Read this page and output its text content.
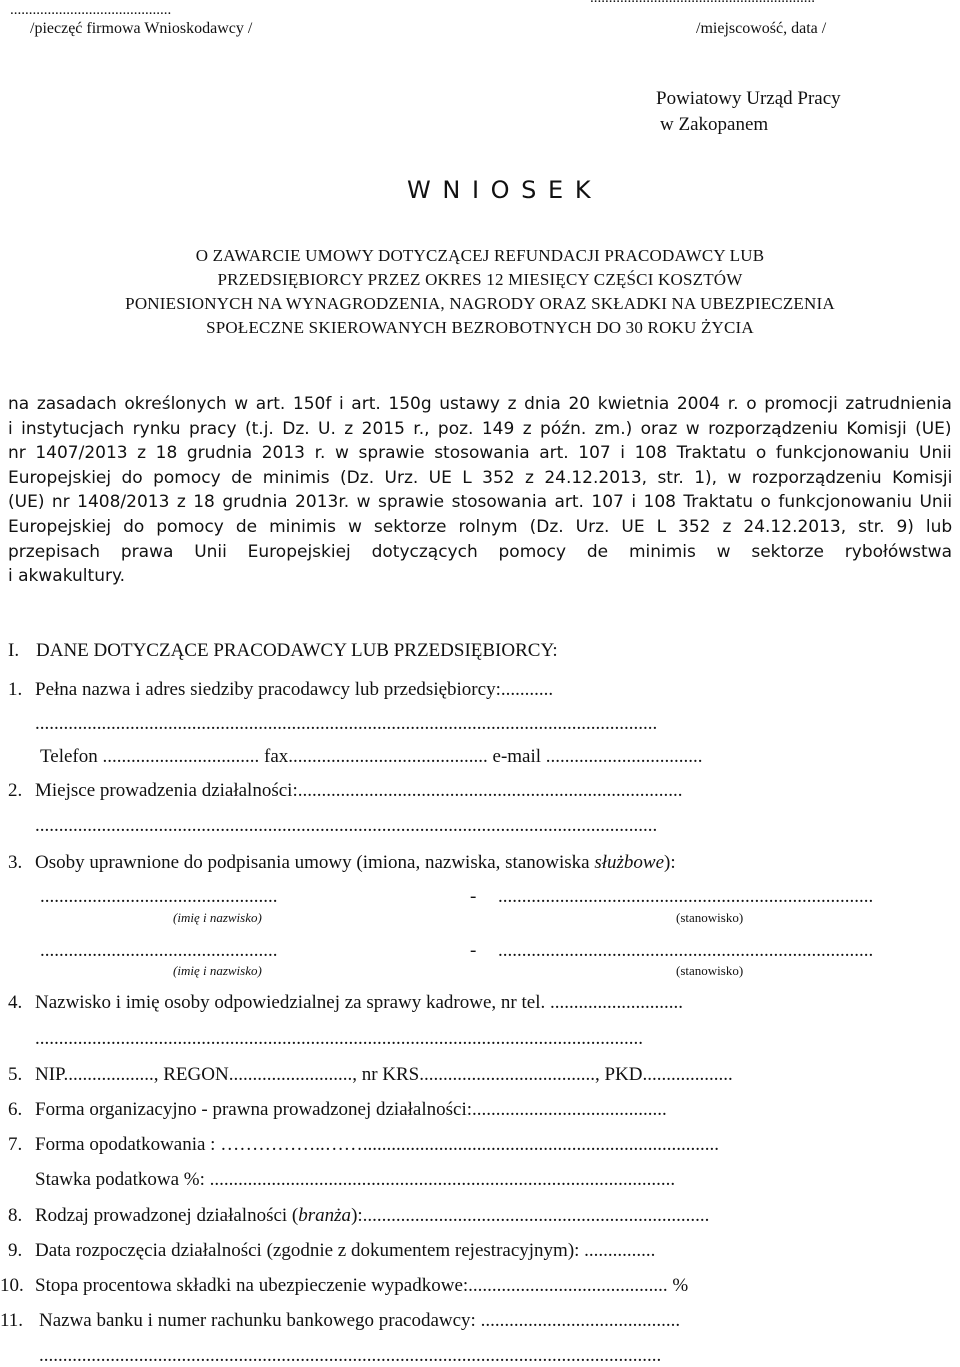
...........................................
/pieczęć firmowa Wnioskodawcy /	/miejscowość, data /
Powiatowy Urząd Pracy
w Zakopanem
W N I O S E K
O ZAWARCIE UMOWY DOTYCZĄCEJ REFUNDACJI PRACODAWCY LUB
PRZEDSIĘBIORCY PRZEZ OKRES 12 MIESIĘCY CZĘŚCI KOSZTÓW
PONIESIONYCH NA WYNAGRODZENIA, NAGRODY ORAZ SKŁADKI NA UBEZPIECZENIA
SPOŁECZNE SKIEROWANYCH BEZROBOTNYCH DO 30 ROKU ŻYCIA
na zasadach określonych w art. 150f i art. 150g ustawy z dnia 20 kwietnia 2004 r. o promocji zatrudnienia
i instytucjach rynku pracy (t.j. Dz. U. z 2015 r., poz. 149 z późn. zm.) oraz w rozporządzeniu Komisji (UE)
nr 1407/2013 z 18 grudnia 2013 r. w sprawie stosowania art. 107 i 108 Traktatu o funkcjonowaniu Unii
Europejskiej do pomocy de minimis (Dz. Urz. UE L 352 z 24.12.2013, str. 1), w rozporządzeniu Komisji
(UE) nr 1408/2013 z 18 grudnia 2013r. w sprawie stosowania art. 107 i 108 Traktatu o funkcjonowaniu Unii
Europejskiej do pomocy de minimis w sektorze rolnym (Dz. Urz. UE L 352 z 24.12.2013, str. 9) lub
przepisach prawa Unii Europejskiej dotyczących pomocy de minimis w sektorze rybołówstwa
i akwakultury.
I. DANE DOTYCZĄCE PRACODAWCY LUB PRZEDSIĘBIORCY:
1. Pełna nazwa i adres siedziby pracodawcy lub przedsiębiorcy:...........
...................................................................................................................................
Telefon ................................. fax.......................................... e-mail .................................
2. Miejsce prowadzenia działalności:.................................................................................
...................................................................................................................................
3. Osoby uprawnione do podpisania umowy (imiona, nazwiska, stanowiska służbowe):
..................................................	- ...............................................................................
(imię i nazwisko)	(stanowisko)
..................................................	- ...............................................................................
(imię i nazwisko)	(stanowisko)
4. Nazwisko i imię osoby odpowiedzialnej za sprawy kadrowe, nr tel. ............................
................................................................................................................................
5. NIP..................., REGON.........................., nr KRS....................................., PKD...................
6. Forma organizacyjno - prawna prowadzonej działalności:.........................................
7. Forma opodatkowania : ……………..……...........................................................................
Stawka podatkowa %: ..................................................................................................
8. Rodzaj prowadzonej działalności (branża):.........................................................................
9. Data rozpoczęcia działalności (zgodnie z dokumentem rejestracyjnym): ...............
10. Stopa procentowa składki na ubezpieczenie wypadkowe:.......................................... %
11. Nazwa banku i numer rachunku bankowego pracodawcy: ..........................................
...................................................................................................................................
